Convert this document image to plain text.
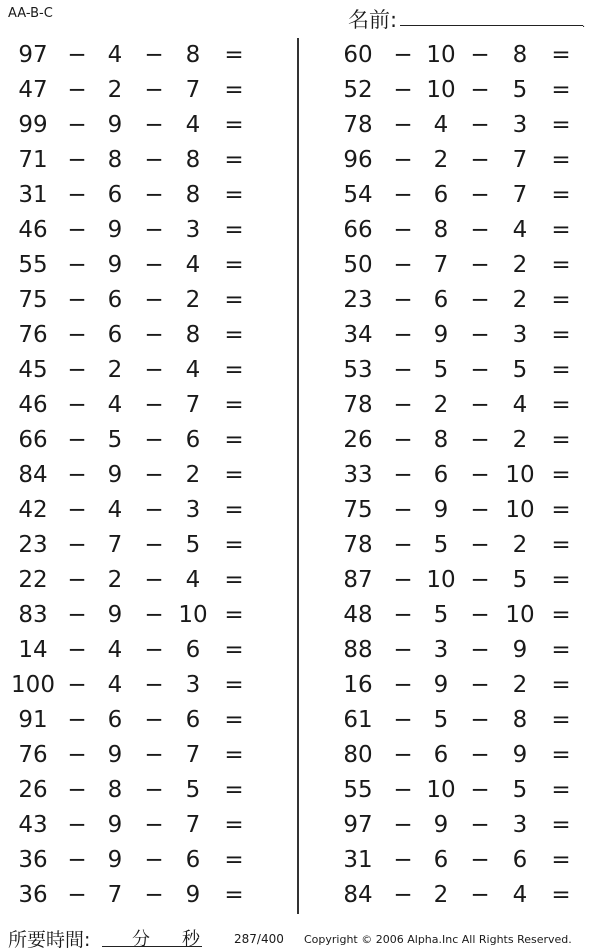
AA-B-C	名前:	.
97 − 4 − 8	=
47 − 2 − 7	=
99 − 9 − 4	=
71 − 8 − 8	=
31 − 6 − 8	=
46 − 9 − 3	=
55 − 9 − 4	=
75 − 6 − 2	=
76 − 6 − 8	=
45 − 2 − 4	=
46 − 4 − 7	=
66 − 5 − 6	=
84 − 9 − 2	=
42 − 4 − 3	=
23 − 7 − 5	=
22 − 2 − 4	=
83 − 9 − 10 =
14 − 4 − 6	=
100 − 4 − 3	=
91 − 6 − 6	=
76 − 9 − 7	=
26 − 8 − 5	=
43 − 9 − 7	=
36 − 9 − 6	=
36 − 7 − 9	=
60 − 10 −	8	=
52 − 10 −	5	=
78 − 4 −	3	=
96 − 2 −	7	=
54 − 6 −	7	=
66 − 8 −	4	=
50 − 7 −	2	=
23 − 6 −	2	=
34 − 9 −	3	=
53 − 5 −	5	=
78 − 2 −	4	=
26 − 8 −	2	=
33 − 6 − 10 =
75 − 9 − 10 =
78 − 5 −	2	=
87 − 10 −	5	=
48 − 5 − 10 =
88 − 3 −	9	=
16 − 9 −	2	=
61 − 5 −	8	=
80 − 6 −	9	=
55 − 10 −	5	=
97 − 9 −	3	=
31 − 6 −	6	=
84 − 2 −	4	=
所要時間: 分 秒	287/400 Copyright © 2006 Alpha.Inc All Rights Reserved.
